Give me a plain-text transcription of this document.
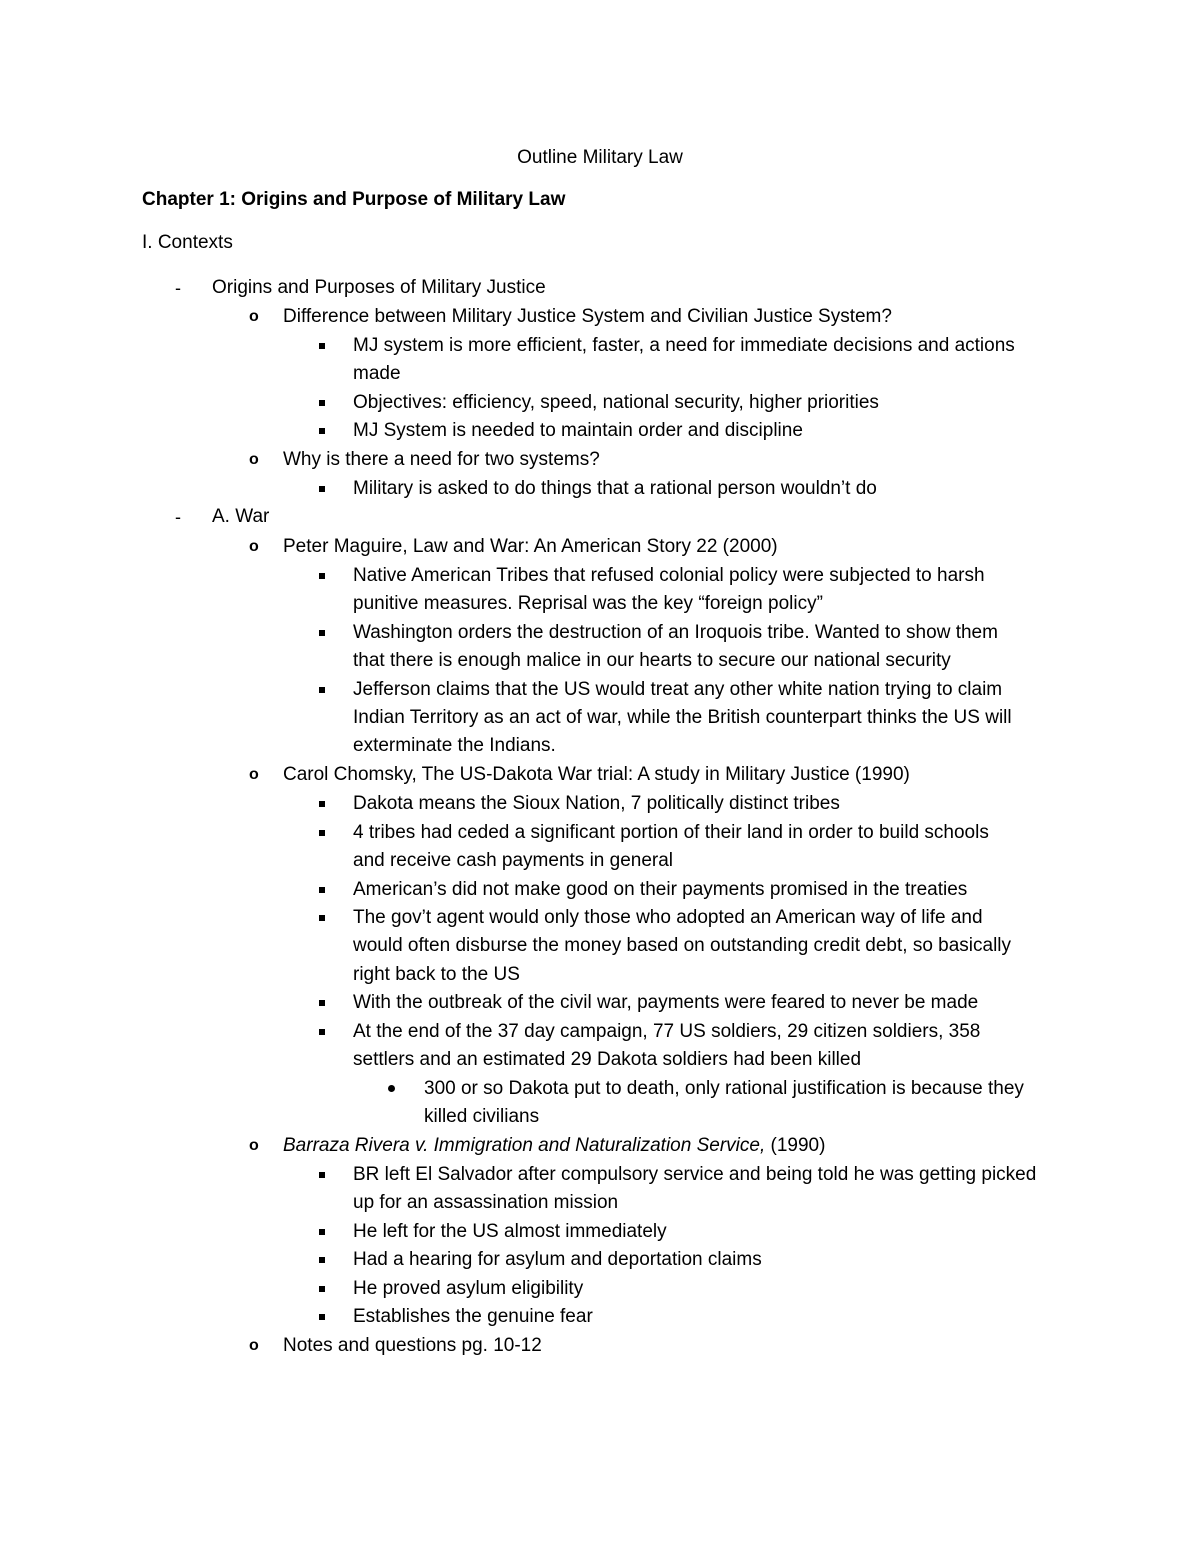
Outline Military Law
Chapter 1: Origins and Purpose of Military Law
I. Contexts
- Origins and Purposes of Military Justice
o Difference between Military Justice System and Civilian Justice System?
MJ system is more efficient, faster, a need for immediate decisions and actions
made
Objectives: efficiency, speed, national security, higher priorities
MJ System is needed to maintain order and discipline
o Why is there a need for two systems?
Military is asked to do things that a rational person wouldn’t do
- A. War
o Peter Maguire, Law and War: An American Story 22 (2000)
Native American Tribes that refused colonial policy were subjected to harsh
punitive measures. Reprisal was the key “foreign policy”
Washington orders the destruction of an Iroquois tribe. Wanted to show them
that there is enough malice in our hearts to secure our national security
Jefferson claims that the US would treat any other white nation trying to claim
Indian Territory as an act of war, while the British counterpart thinks the US will
exterminate the Indians.
o Carol Chomsky, The US-Dakota War trial: A study in Military Justice (1990)
Dakota means the Sioux Nation, 7 politically distinct tribes
4 tribes had ceded a significant portion of their land in order to build schools
and receive cash payments in general
American’s did not make good on their payments promised in the treaties
The gov’t agent would only those who adopted an American way of life and
would often disburse the money based on outstanding credit debt, so basically
right back to the US
With the outbreak of the civil war, payments were feared to never be made
At the end of the 37 day campaign, 77 US soldiers, 29 citizen soldiers, 358
settlers and an estimated 29 Dakota soldiers had been killed
300 or so Dakota put to death, only rational justification is because they
killed civilians
o Barraza Rivera v. Immigration and Naturalization Service, (1990)
BR left El Salvador after compulsory service and being told he was getting picked
up for an assassination mission
He left for the US almost immediately
Had a hearing for asylum and deportation claims
He proved asylum eligibility
Establishes the genuine fear
o Notes and questions pg. 10-12
